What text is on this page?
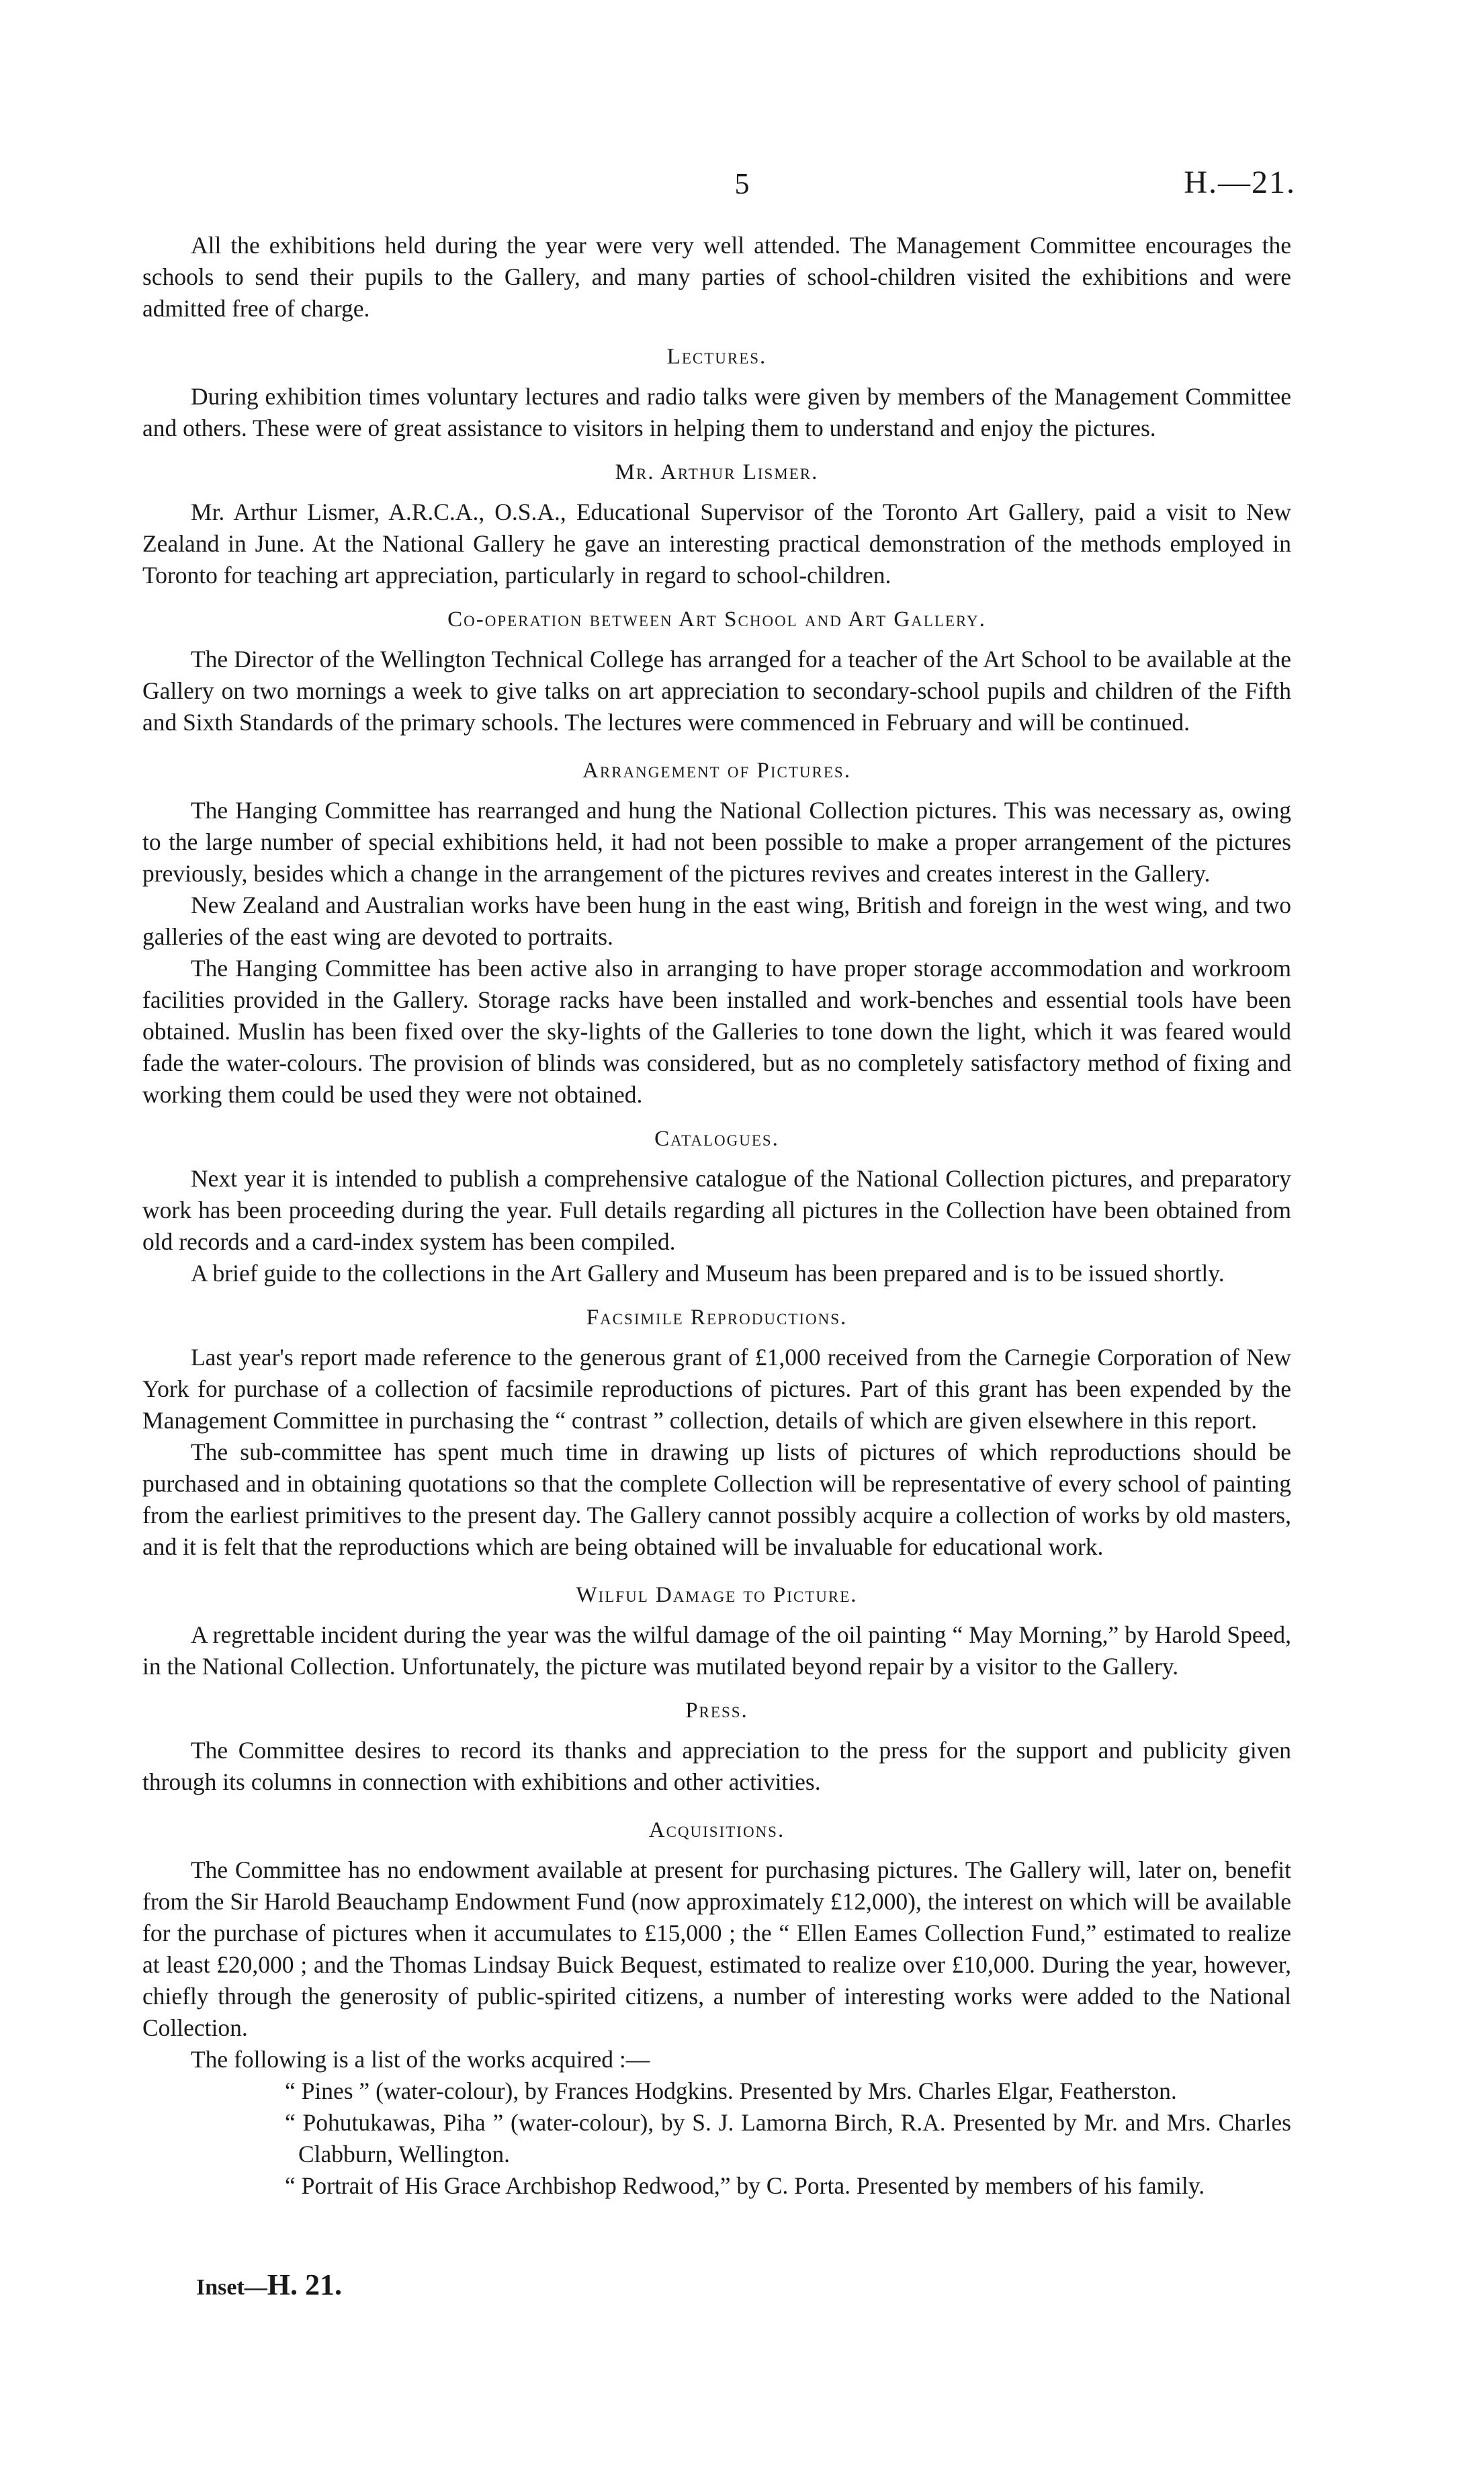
5	H.—21.

All the exhibitions held during the year were very well attended. The Management Committee encourages the schools to send their pupils to the Gallery, and many parties of school-children visited the exhibitions and were admitted free of charge.

Lectures.

During exhibition times voluntary lectures and radio talks were given by members of the Management Committee and others. These were of great assistance to visitors in helping them to understand and enjoy the pictures.

Mr. Arthur Lismer.

Mr. Arthur Lismer, A.R.C.A., O.S.A., Educational Supervisor of the Toronto Art Gallery, paid a visit to New Zealand in June. At the National Gallery he gave an interesting practical demonstration of the methods employed in Toronto for teaching art appreciation, particularly in regard to school-children.

Co-operation between Art School and Art Gallery.

The Director of the Wellington Technical College has arranged for a teacher of the Art School to be available at the Gallery on two mornings a week to give talks on art appreciation to secondary-school pupils and children of the Fifth and Sixth Standards of the primary schools. The lectures were commenced in February and will be continued.

Arrangement of Pictures.

The Hanging Committee has rearranged and hung the National Collection pictures. This was necessary as, owing to the large number of special exhibitions held, it had not been possible to make a proper arrangement of the pictures previously, besides which a change in the arrangement of the pictures revives and creates interest in the Gallery.

New Zealand and Australian works have been hung in the east wing, British and foreign in the west wing, and two galleries of the east wing are devoted to portraits.

The Hanging Committee has been active also in arranging to have proper storage accommodation and workroom facilities provided in the Gallery. Storage racks have been installed and work-benches and essential tools have been obtained. Muslin has been fixed over the sky-lights of the Galleries to tone down the light, which it was feared would fade the water-colours. The provision of blinds was considered, but as no completely satisfactory method of fixing and working them could be used they were not obtained.

Catalogues.

Next year it is intended to publish a comprehensive catalogue of the National Collection pictures, and preparatory work has been proceeding during the year. Full details regarding all pictures in the Collection have been obtained from old records and a card-index system has been compiled.

A brief guide to the collections in the Art Gallery and Museum has been prepared and is to be issued shortly.

Facsimile Reproductions.

Last year's report made reference to the generous grant of £1,000 received from the Carnegie Corporation of New York for purchase of a collection of facsimile reproductions of pictures. Part of this grant has been expended by the Management Committee in purchasing the “ contrast ” collection, details of which are given elsewhere in this report.

The sub-committee has spent much time in drawing up lists of pictures of which reproductions should be purchased and in obtaining quotations so that the complete Collection will be representative of every school of painting from the earliest primitives to the present day. The Gallery cannot possibly acquire a collection of works by old masters, and it is felt that the reproductions which are being obtained will be invaluable for educational work.

Wilful Damage to Picture.

A regrettable incident during the year was the wilful damage of the oil painting “ May Morning,” by Harold Speed, in the National Collection. Unfortunately, the picture was mutilated beyond repair by a visitor to the Gallery.

Press.

The Committee desires to record its thanks and appreciation to the press for the support and publicity given through its columns in connection with exhibitions and other activities.

Acquisitions.

The Committee has no endowment available at present for purchasing pictures. The Gallery will, later on, benefit from the Sir Harold Beauchamp Endowment Fund (now approximately £12,000), the interest on which will be available for the purchase of pictures when it accumulates to £15,000 ; the “ Ellen Eames Collection Fund,” estimated to realize at least £20,000 ; and the Thomas Lindsay Buick Bequest, estimated to realize over £10,000. During the year, however, chiefly through the generosity of public-spirited citizens, a number of interesting works were added to the National Collection.

The following is a list of the works acquired :—

“ Pines ” (water-colour), by Frances Hodgkins. Presented by Mrs. Charles Elgar, Featherston.
“ Pohutukawas, Piha ” (water-colour), by S. J. Lamorna Birch, R.A. Presented by Mr. and Mrs. Charles Clabburn, Wellington.
“ Portrait of His Grace Archbishop Redwood,” by C. Porta. Presented by members of his family.
Inset—H. 21.
